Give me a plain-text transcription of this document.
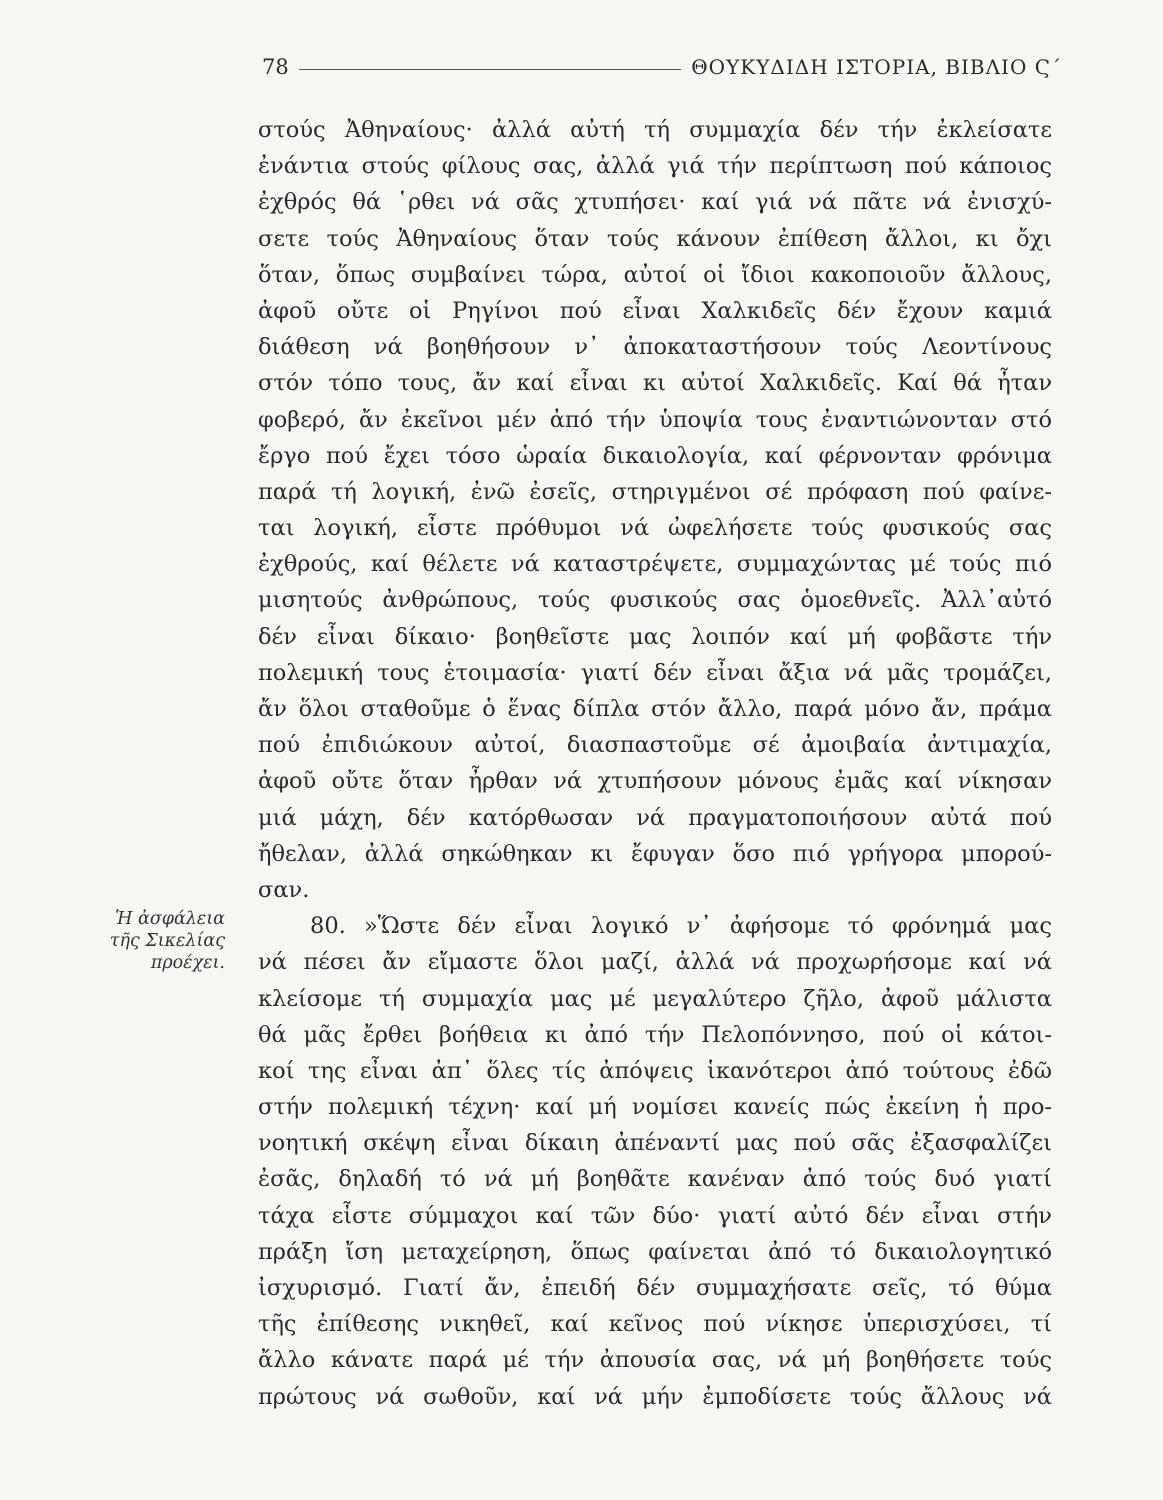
78	ΘΟΥΚΥΔΙΔΗ ΙΣΤΟΡΙΑ, ΒΙΒΛΙΟ Ϛ΄
Ἡ ἀσφάλεια
τῆς Σικελίας
προέχει.
στούς Ἀθηναίους· ἀλλά αὐτή τή συμμαχία δέν τήν ἐκλείσατε
ἐνάντια στούς φίλους σας, ἀλλά γιά τήν περίπτωση πού κάποιος
ἐχθρός θά ῾ρθει νά σᾶς χτυπήσει· καί γιά νά πᾶτε νά ἐνισχύ-
σετε τούς Ἀθηναίους ὅταν τούς κάνουν ἐπίθεση ἄλλοι, κι ὄχι
ὅταν, ὅπως συμβαίνει τώρα, αὐτοί οἱ ἴδιοι κακοποιοῦν ἄλλους,
ἀφοῦ οὔτε οἱ Ρηγίνοι πού εἶναι Χαλκιδεῖς δέν ἔχουν καμιά
διάθεση νά βοηθήσουν ν᾿ ἀποκαταστήσουν τούς Λεοντίνους
στόν τόπο τους, ἄν καί εἶναι κι αὐτοί Χαλκιδεῖς. Καί θά ἦταν
φοβερό, ἄν ἐκεῖνοι μέν ἀπό τήν ὑποψία τους ἐναντιώνονταν στό
ἔργο πού ἔχει τόσο ὡραία δικαιολογία, καί φέρνονταν φρόνιμα
παρά τή λογική, ἐνῶ ἐσεῖς, στηριγμένοι σέ πρόφαση πού φαίνε-
ται λογική, εἶστε πρόθυμοι νά ὠφελήσετε τούς φυσικούς σας
ἐχθρούς, καί θέλετε νά καταστρέψετε, συμμαχώντας μέ τούς πιό
μισητούς ἀνθρώπους, τούς φυσικούς σας ὁμοεθνεῖς. Ἀλλ᾿αὐτό
δέν εἶναι δίκαιο· βοηθεῖστε μας λοιπόν καί μή φοβᾶστε τήν
πολεμική τους ἑτοιμασία· γιατί δέν εἶναι ἄξια νά μᾶς τρομάζει,
ἄν ὅλοι σταθοῦμε ὁ ἕνας δίπλα στόν ἄλλο, παρά μόνο ἄν, πράμα
πού ἐπιδιώκουν αὐτοί, διασπαστοῦμε σέ ἀμοιβαία ἀντιμαχία,
ἀφοῦ οὔτε ὅταν ἦρθαν νά χτυπήσουν μόνους ἐμᾶς καί νίκησαν
μιά μάχη, δέν κατόρθωσαν νά πραγματοποιήσουν αὐτά πού
ἤθελαν, ἀλλά σηκώθηκαν κι ἔφυγαν ὅσο πιό γρήγορα μπορού-
σαν.
80. »Ὥστε δέν εἶναι λογικό ν᾿ ἀφήσομε τό φρόνημά μας
νά πέσει ἄν εἴμαστε ὅλοι μαζί, ἀλλά νά προχωρήσομε καί νά
κλείσομε τή συμμαχία μας μέ μεγαλύτερο ζῆλο, ἀφοῦ μάλιστα
θά μᾶς ἔρθει βοήθεια κι ἀπό τήν Πελοπόννησο, πού οἱ κάτοι-
κοί της εἶναι ἀπ᾿ ὅλες τίς ἀπόψεις ἱκανότεροι ἀπό τούτους ἐδῶ
στήν πολεμική τέχνη· καί μή νομίσει κανείς πώς ἐκείνη ἡ προ-
νοητική σκέψη εἶναι δίκαιη ἀπέναντί μας πού σᾶς ἐξασφαλίζει
ἐσᾶς, δηλαδή τό νά μή βοηθᾶτε κανέναν ἀπό τούς δυό γιατί
τάχα εἶστε σύμμαχοι καί τῶν δύο· γιατί αὐτό δέν εἶναι στήν
πράξη ἴση μεταχείρηση, ὅπως φαίνεται ἀπό τό δικαιολογητικό
ἰσχυρισμό. Γιατί ἄν, ἐπειδή δέν συμμαχήσατε σεῖς, τό θύμα
τῆς ἐπίθεσης νικηθεῖ, καί κεῖνος πού νίκησε ὑπερισχύσει, τί
ἄλλο κάνατε παρά μέ τήν ἀπουσία σας, νά μή βοηθήσετε τούς
πρώτους νά σωθοῦν, καί νά μήν ἐμποδίσετε τούς ἄλλους νά
